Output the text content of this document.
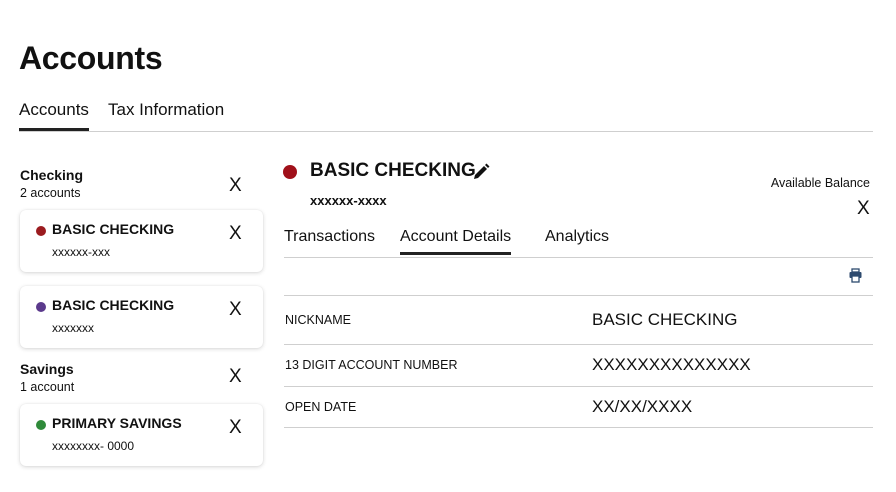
Accounts
Accounts Tax Information
Checking
2 accounts	X
BASIC CHECKING
xxxxxx-xxx
X
BASIC CHECKING
xxxxxxx
X
Savings
1 account	X
PRIMARY SAVINGS
xxxxxxxx- 0000
X
BASIC CHECKING
xxxxxx-xxxx
Available Balance
X
Transactions Account Details Analytics
NICKNAME	BASIC CHECKING
13 DIGIT ACCOUNT NUMBER	XXXXXXXXXXXXXX
OPEN DATE	XX/XX/XXXX
